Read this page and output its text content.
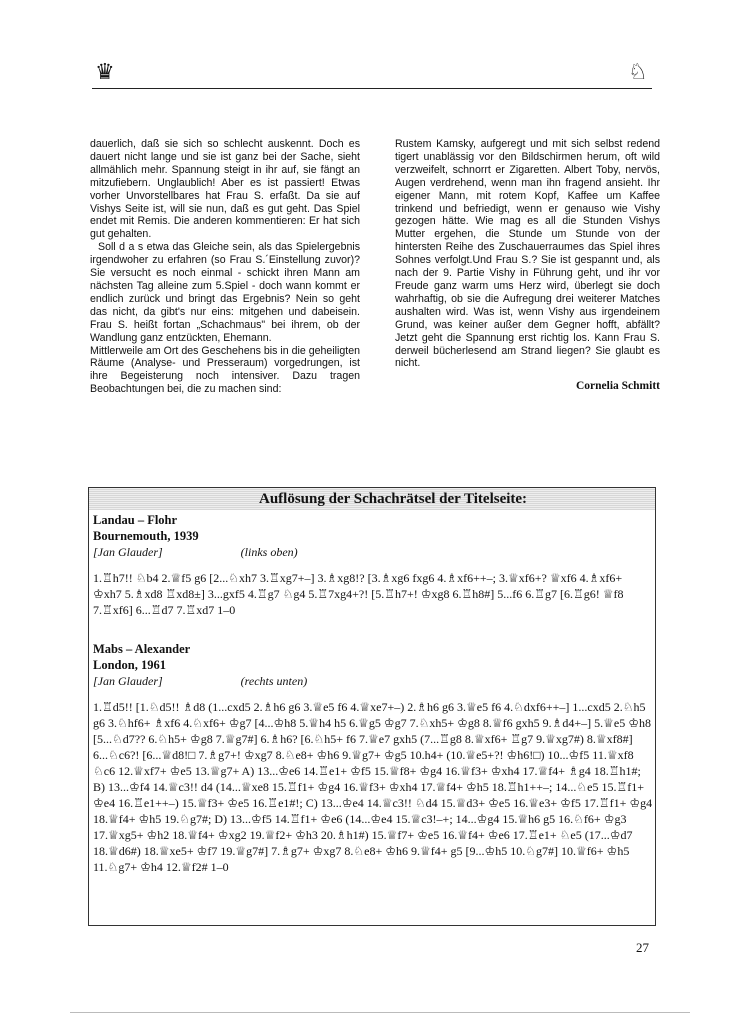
♛	♘

dauerlich, daß sie sich so schlecht auskennt. Doch es dauert nicht lange und sie ist ganz bei der Sache, sieht allmählich mehr. Spannung steigt in ihr auf, sie fängt an mitzufiebern. Unglaublich! Aber es ist passiert! Etwas vorher Unvorstellbares hat Frau S. erfaßt. Da sie auf Vishys Seite ist, will sie nun, daß es gut geht. Das Spiel endet mit Remis. Die anderen kommentieren: Er hat sich gut gehalten.

Soll d a s etwa das Gleiche sein, als das Spielergebnis irgendwoher zu erfahren (so Frau S.´Einstellung zuvor)? Sie versucht es noch einmal - schickt ihren Mann am nächsten Tag alleine zum 5.Spiel - doch wann kommt er endlich zurück und bringt das Ergebnis? Nein so geht das nicht, da gibt's nur eins: mitgehen und dabeisein. Frau S. heißt fortan „Schachmaus" bei ihrem, ob der Wandlung ganz entzückten, Ehemann.

Mittlerweile am Ort des Geschehens bis in die geheiligten Räume (Analyse- und Presseraum) vorgedrungen, ist ihre Begeisterung noch intensiver. Dazu tragen Beobachtungen bei, die zu machen sind:

Rustem Kamsky, aufgeregt und mit sich selbst redend tigert unablässig vor den Bildschirmen herum, oft wild verzweifelt, schnorrt er Zigaretten. Albert Toby, nervös, Augen verdrehend, wenn man ihn fragend ansieht. Ihr eigener Mann, mit rotem Kopf, Kaffee um Kaffee trinkend und befriedigt, wenn er genauso wie Vishy gezogen hätte. Wie mag es all die Stunden Vishys Mutter ergehen, die Stunde um Stunde von der hintersten Reihe des Zuschauerraumes das Spiel ihres Sohnes verfolgt.Und Frau S.? Sie ist gespannt und, als nach der 9. Partie Vishy in Führung geht, und ihr vor Freude ganz warm ums Herz wird, überlegt sie doch wahrhaftig, ob sie die Aufregung drei weiterer Matches aushalten wird. Was ist, wenn Vishy aus irgendeinem Grund, was keiner außer dem Gegner hofft, abfällt? Jetzt geht die Spannung erst richtig los. Kann Frau S. derweil bücherlesend am Strand liegen? Sie glaubt es nicht.

Cornelia Schmitt

Auflösung der Schachrätsel der Titelseite:
Landau – Flohr
Bournemouth, 1939
[Jan Glauder]	(links oben)
1.♖h7!! ♘b4 2.♕f5 g6 [2...♘xh7 3.♖xg7+–] 3.♗xg8!? [3.♗xg6 fxg6 4.♗xf6++–; 3.♕xf6+? ♕xf6 4.♗xf6+ ♔xh7 5.♗xd8 ♖xd8±] 3...gxf5 4.♖g7 ♘g4 5.♖7xg4+?! [5.♖h7+! ♔xg8 6.♖h8#] 5...f6 6.♖g7 [6.♖g6! ♕f8 7.♖xf6] 6...♖d7 7.♖xd7 1–0
Mabs – Alexander
London, 1961
[Jan Glauder]	(rechts unten)
1.♖d5!! [1.♘d5!! ♗d8 (1...cxd5 2.♗h6 g6 3.♕e5 f6 4.♕xe7+–) 2.♗h6 g6 3.♕e5 f6 4.♘dxf6++–] 1...cxd5 2.♘h5 g6 3.♘hf6+ ♗xf6 4.♘xf6+ ♔g7 [4...♔h8 5.♕h4 h5 6.♕g5 ♔g7 7.♘xh5+ ♔g8 8.♕f6 gxh5 9.♗d4+–] 5.♕e5 ♔h8 [5...♘d7?? 6.♘h5+ ♔g8 7.♕g7#] 6.♗h6? [6.♘h5+ f6 7.♕e7 gxh5 (7...♖g8 8.♕xf6+ ♖g7 9.♕xg7#) 8.♕xf8#] 6...♘c6?! [6...♕d8!□ 7.♗g7+! ♔xg7 8.♘e8+ ♔h6 9.♕g7+ ♔g5 10.h4+ (10.♕e5+?! ♔h6!□) 10...♔f5 11.♕xf8 ♘c6 12.♕xf7+ ♔e5 13.♕g7+ A) 13...♔e6 14.♖e1+ ♔f5 15.♕f8+ ♔g4 16.♕f3+ ♔xh4 17.♕f4+ ♗g4 18.♖h1#; B) 13...♔f4 14.♕c3!! d4 (14...♕xe8 15.♖f1+ ♔g4 16.♕f3+ ♔xh4 17.♕f4+ ♔h5 18.♖h1++–; 14...♘e5 15.♖f1+ ♔e4 16.♖e1++–) 15.♕f3+ ♔e5 16.♖e1#!; C) 13...♔e4 14.♕c3!! ♘d4 15.♕d3+ ♔e5 16.♕e3+ ♔f5 17.♖f1+ ♔g4 18.♕f4+ ♔h5 19.♘g7#; D) 13...♔f5 14.♖f1+ ♔e6 (14...♔e4 15.♕c3!–+; 14...♔g4 15.♕h6 g5 16.♘f6+ ♔g3 17.♕xg5+ ♔h2 18.♕f4+ ♔xg2 19.♕f2+ ♔h3 20.♗h1#) 15.♕f7+ ♔e5 16.♕f4+ ♔e6 17.♖e1+ ♘e5 (17...♔d7 18.♕d6#) 18.♕xe5+ ♔f7 19.♕g7#] 7.♗g7+ ♔xg7 8.♘e8+ ♔h6 9.♕f4+ g5 [9...♔h5 10.♘g7#] 10.♕f6+ ♔h5 11.♘g7+ ♔h4 12.♕f2# 1–0
27
